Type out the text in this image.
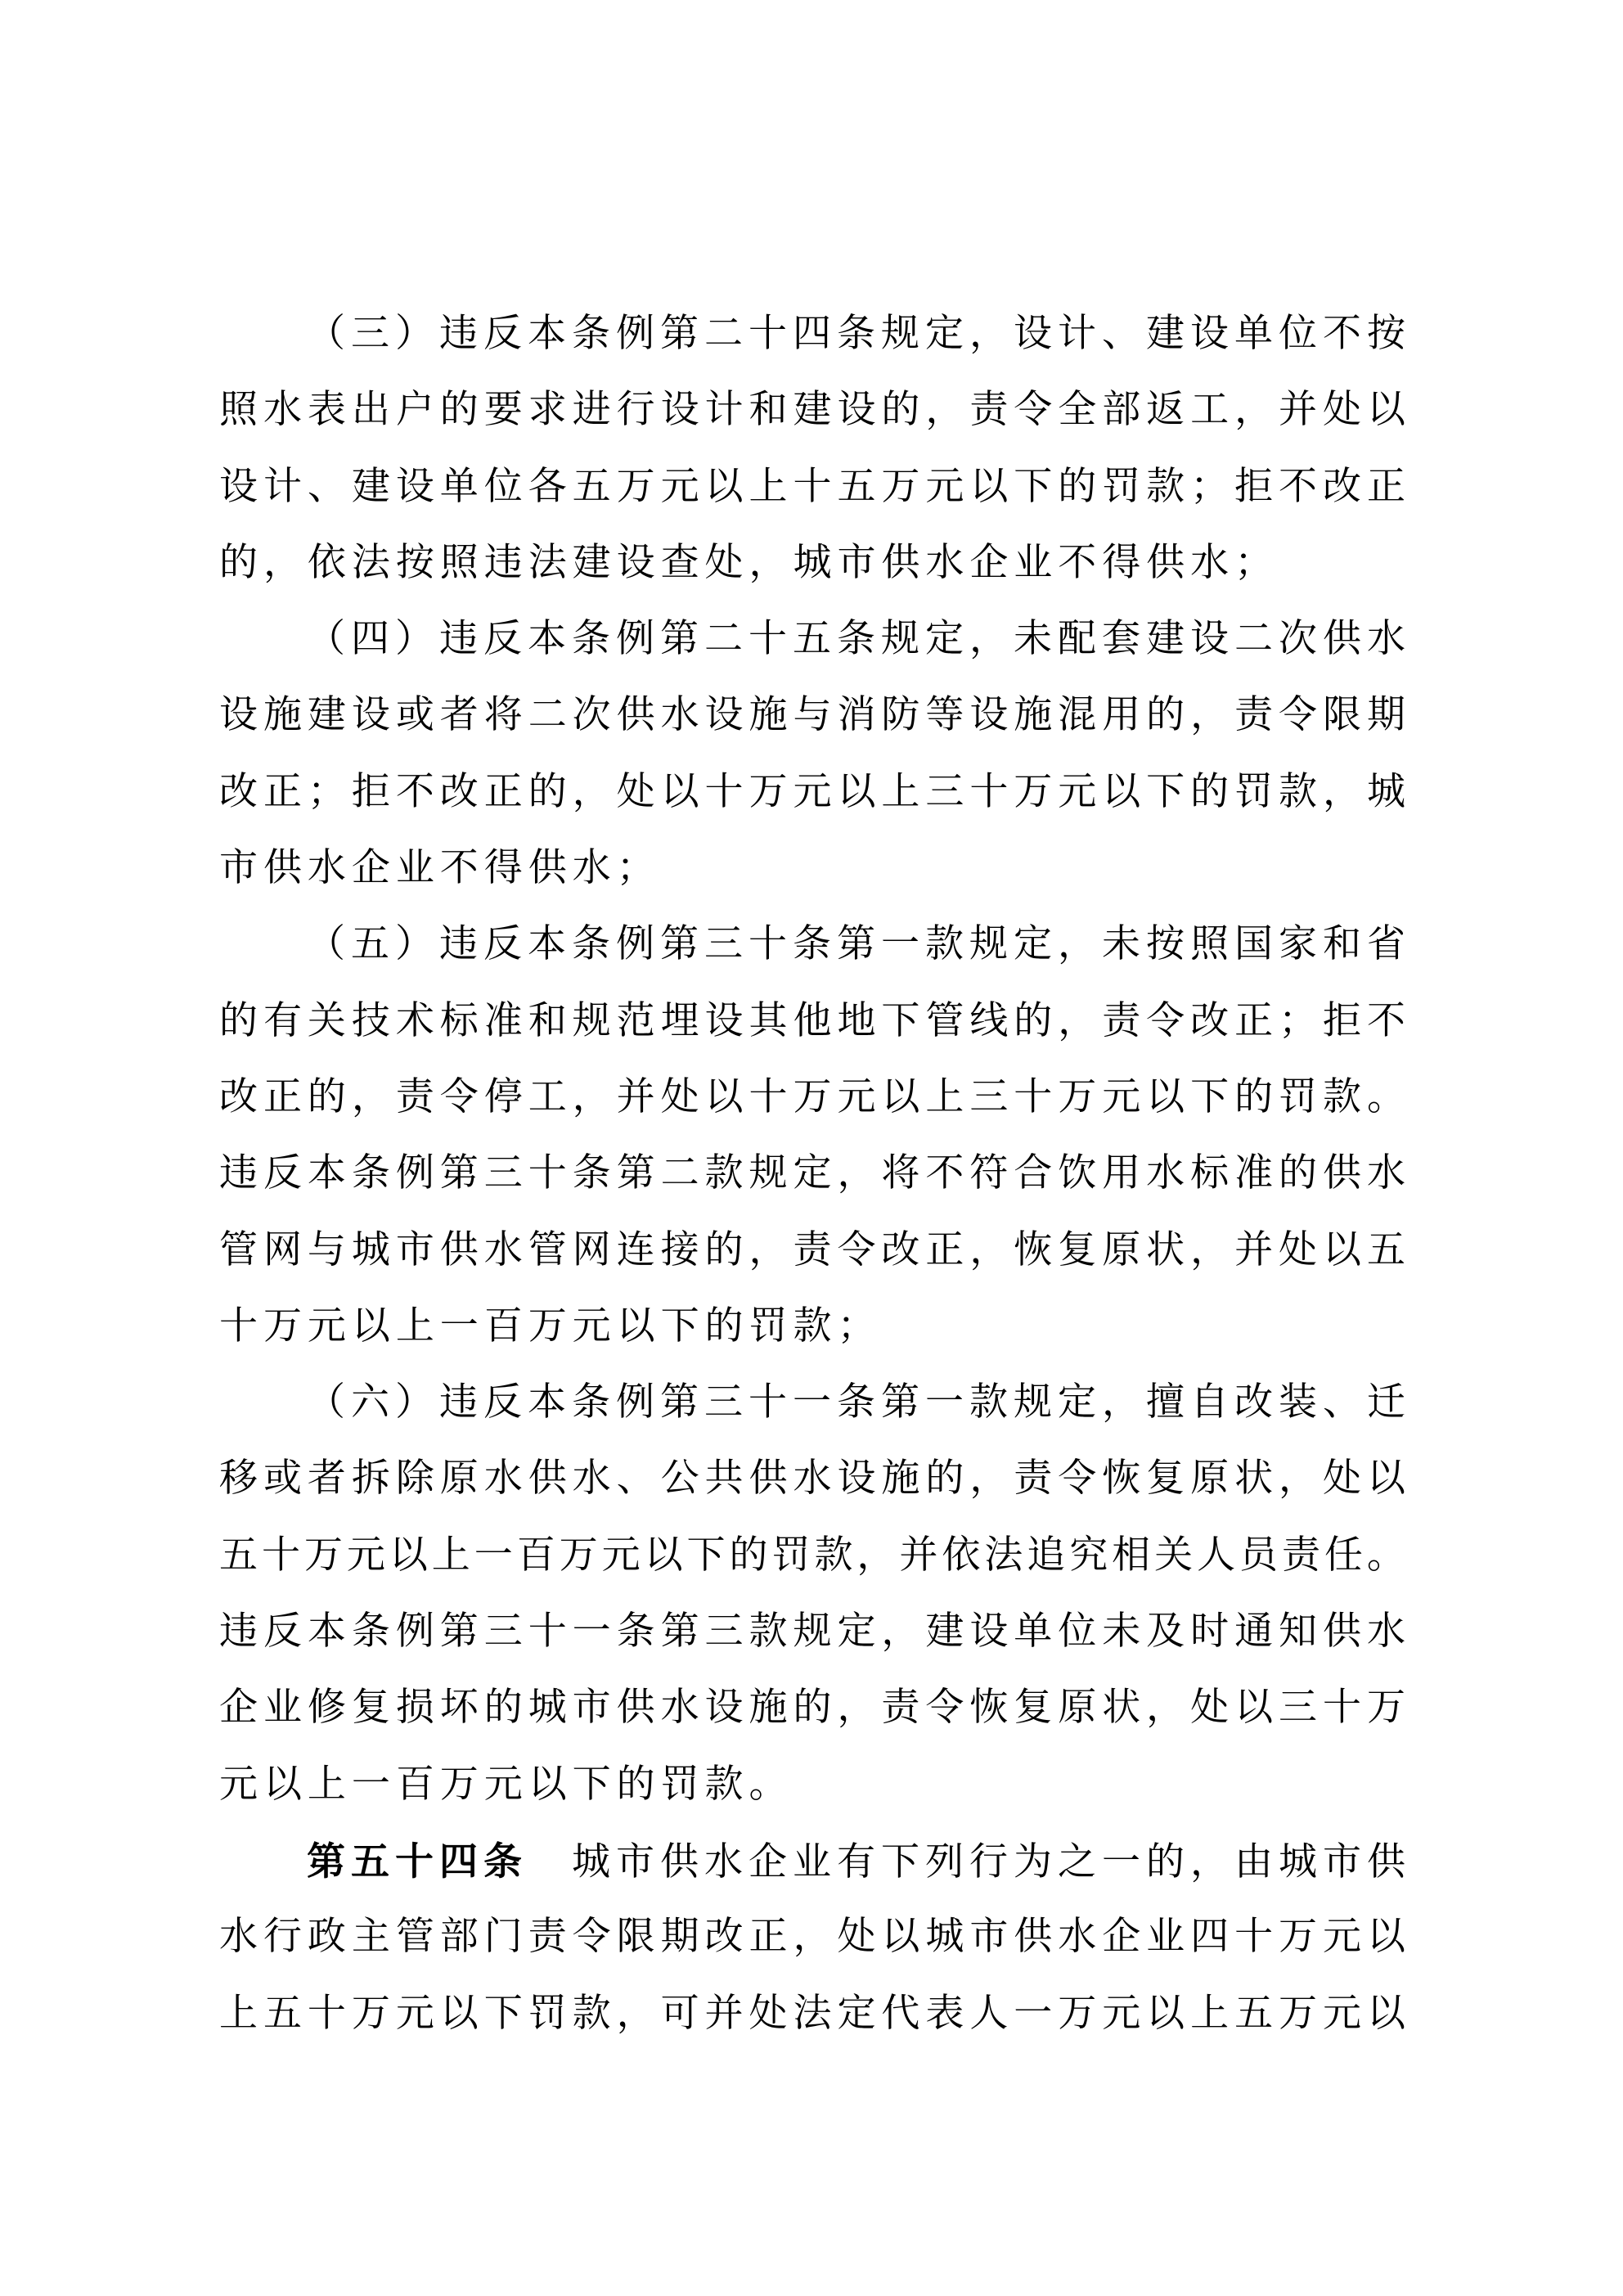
（三）违反本条例第二十四条规定，设计、建设单位不按
照水表出户的要求进行设计和建设的，责令全部返工，并处以
设计、建设单位各五万元以上十五万元以下的罚款；拒不改正
的，依法按照违法建设查处，城市供水企业不得供水；
（四）违反本条例第二十五条规定，未配套建设二次供水
设施建设或者将二次供水设施与消防等设施混用的，责令限期
改正；拒不改正的，处以十万元以上三十万元以下的罚款，城
市供水企业不得供水；
（五）违反本条例第三十条第一款规定，未按照国家和省
的有关技术标准和规范埋设其他地下管线的，责令改正；拒不
改正的，责令停工，并处以十万元以上三十万元以下的罚款。
违反本条例第三十条第二款规定，将不符合饮用水标准的供水
管网与城市供水管网连接的，责令改正，恢复原状，并处以五
十万元以上一百万元以下的罚款；
（六）违反本条例第三十一条第一款规定，擅自改装、迁
移或者拆除原水供水、公共供水设施的，责令恢复原状，处以
五十万元以上一百万元以下的罚款，并依法追究相关人员责任。
违反本条例第三十一条第三款规定，建设单位未及时通知供水
企业修复损坏的城市供水设施的，责令恢复原状，处以三十万
元以上一百万元以下的罚款。
第五十四条　城市供水企业有下列行为之一的，由城市供
水行政主管部门责令限期改正，处以城市供水企业四十万元以
上五十万元以下罚款，可并处法定代表人一万元以上五万元以
